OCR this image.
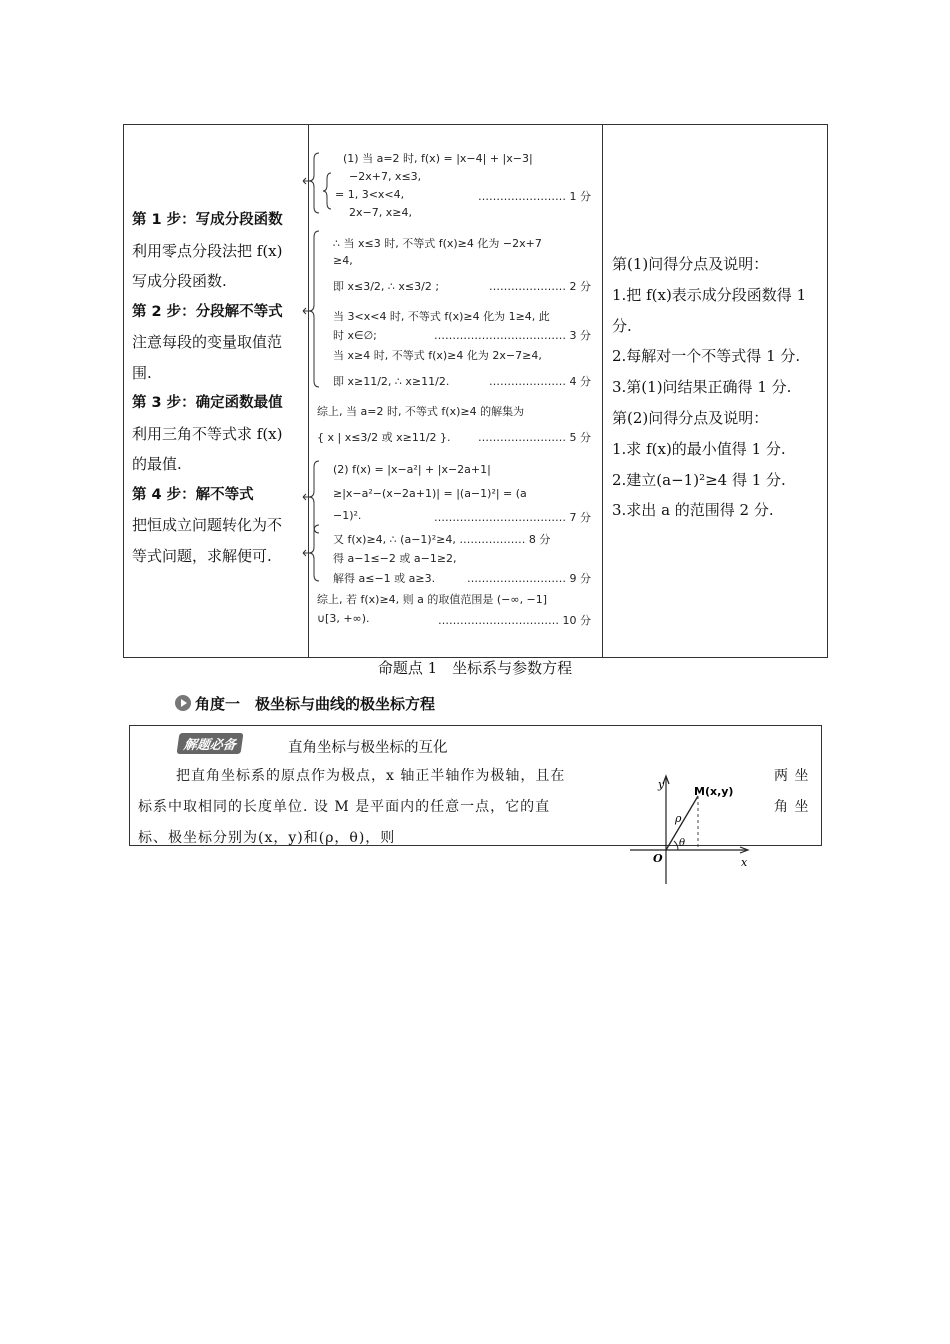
第 1 步：写成分段函数
利用零点分段法把 f(x)
写成分段函数.
第 2 步：分段解不等式
注意每段的变量取值范
围.
第 3 步：确定函数最值
利用三角不等式求 f(x)
的最值.
第 4 步：解不等式
把恒成立问题转化为不
等式问题，求解便可.
(1) 当 a=2 时, f(x) = |x−4| + |x−3|
−2x+7, x≤3,
= 1, 3<x<4,
2x−7, x≥4,
…………………… 1 分
∴ 当 x≤3 时, 不等式 f(x)≥4 化为 −2x+7
≥4,
即 x≤3/2, ∴ x≤3/2 ;	………………… 2 分
当 3<x<4 时, 不等式 f(x)≥4 化为 1≥4, 此
时 x∈∅;	……………………………… 3 分
当 x≥4 时, 不等式 f(x)≥4 化为 2x−7≥4,
即 x≥11/2, ∴ x≥11/2.	………………… 4 分
综上, 当 a=2 时, 不等式 f(x)≥4 的解集为
{ x | x≤3/2 或 x≥11/2 }. …………………… 5 分
(2) f(x) = |x−a²| + |x−2a+1|
≥|x−a²−(x−2a+1)| = |(a−1)²| = (a
−1)².	……………………………… 7 分
又 f(x)≥4, ∴ (a−1)²≥4, ……………… 8 分
得 a−1≤−2 或 a−1≥2,
解得 a≤−1 或 a≥3.	……………………… 9 分
综上, 若 f(x)≥4, 则 a 的取值范围是 (−∞, −1]
∪[3, +∞).	…………………………… 10 分
第(1)问得分点及说明：
1.把 f(x)表示成分段函数得 1
分.
2.每解对一个不等式得 1 分.
3.第(1)问结果正确得 1 分.
第(2)问得分点及说明：
1.求 f(x)的最小值得 1 分.
2.建立(a−1)²≥4 得 1 分.
3.求出 a 的范围得 2 分.
命题点 1　坐标系与参数方程
角度一　极坐标与曲线的极坐标方程
解题必备	直角坐标与极坐标的互化
把直角坐标系的原点作为极点，x 轴正半轴作为极轴，且在
标系中取相同的长度单位. 设 M 是平面内的任意一点，它的直
标、极坐标分别为(x，y)和(ρ，θ)，则
两 坐
角 坐
y
x
O
M(x,y)
ρ
θ
